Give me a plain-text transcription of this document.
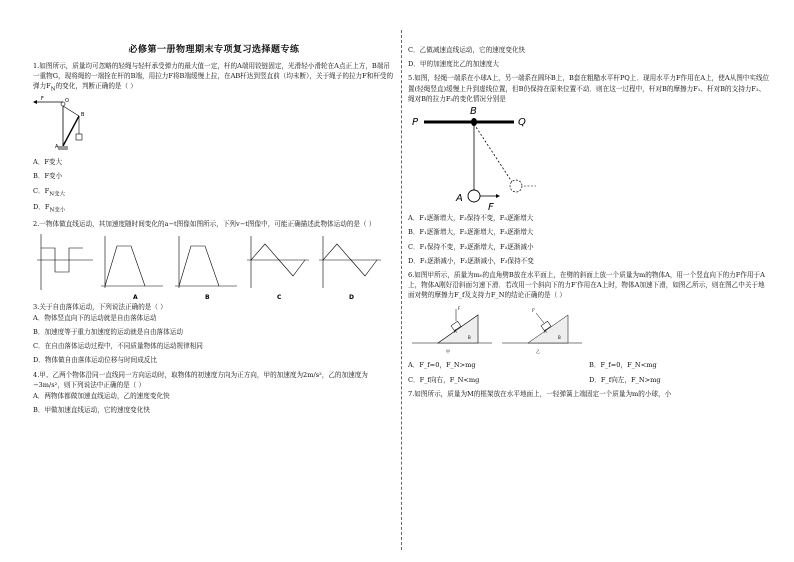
必修第一册物理期末专项复习选择题专练
1.如图所示，质量均可忽略的轻绳与轻杆承受弹力的最大值一定，杆的A端用铰链固定，光滑轻小滑轮在A点正上方，B端吊一重物G，现将绳的一端拴在杆的B端，用拉力F将B端缓慢上拉，在AB杆达到竖直前（均未断），关于绳子的拉力F和杆受的弹力$F_N$的变化，判断正确的是（ ）
F	O
B
A
A．F变大
B．F变小
C．$F_{N变大}$
D．$F_{N变小}$
2.一物体做直线运动，其加速度随时间变化的a−t图像如图所示，下列v−t图像中，可能正确描述此物体运动的是（ ）
A	B	C	D
3.关于自由落体运动，下列说法正确的是（ ）
A．物体竖直向下的运动就是自由落体运动
B．加速度等于重力加速度的运动就是自由落体运动
C．在自由落体运动过程中，不同质量物体的运动规律相同
D．物体做自由落体运动位移与时间成反比
4.甲、乙两个物体沿同一直线同一方向运动时，取物体的初速度方向为正方向，甲的加速度为2m/s²，乙的加速度为−3m/s²，则下列说法中正确的是（ ）
A．两物体都做加速直线运动，乙的速度变化快
B．甲做加速直线运动，它的速度变化快
C．乙做减速直线运动，它的速度变化快
D．甲的加速度比乙的加速度大
5.如图，轻绳一端系在小球A上，另一端系在圆环B上，B套在粗糙水平杆PQ上．现用水平力F作用在A上，使A从图中实线位置(轻绳竖直)缓慢上升到虚线位置，但B仍保持在原来位置不动．则在这一过程中，杆对B的摩擦力F₁、杆对B的支持力F₂、绳对B的拉力F₃的变化情况分别是
P	Q
B
A
F
A．F₁逐渐增大，F₂保持不变，F₃逐渐增大
B．F₁逐渐增大，F₂逐渐增大，F₃逐渐增大
C．F₁保持不变，F₂逐渐增大，F₃逐渐减小
D．F₁逐渐减小，F₂逐渐减小，F₃保持不变
6.如图甲所示，质量为m₀的直角劈B放在水平面上，在劈的斜面上放一个质量为m的物体A，用一个竖直向下的力F作用于A上，物体A刚好沿斜面匀速下滑．若改用一个斜向下的力F′作用在A上时，物体A加速下滑，如图乙所示，则在图乙中关于地面对劈的摩擦力F_f及支持力F_N的结论正确的是（ ）
A
B
F
甲
A
B
F'
乙
A．F_f=0，F_N>mg	B．F_f=0，F_N<mg
C．F_f向右，F_N<mg	D．F_f向左，F_N>mg
7.如图所示，质量为M的框架放在水平地面上，一轻弹簧上端固定一个质量为m的小球，小
